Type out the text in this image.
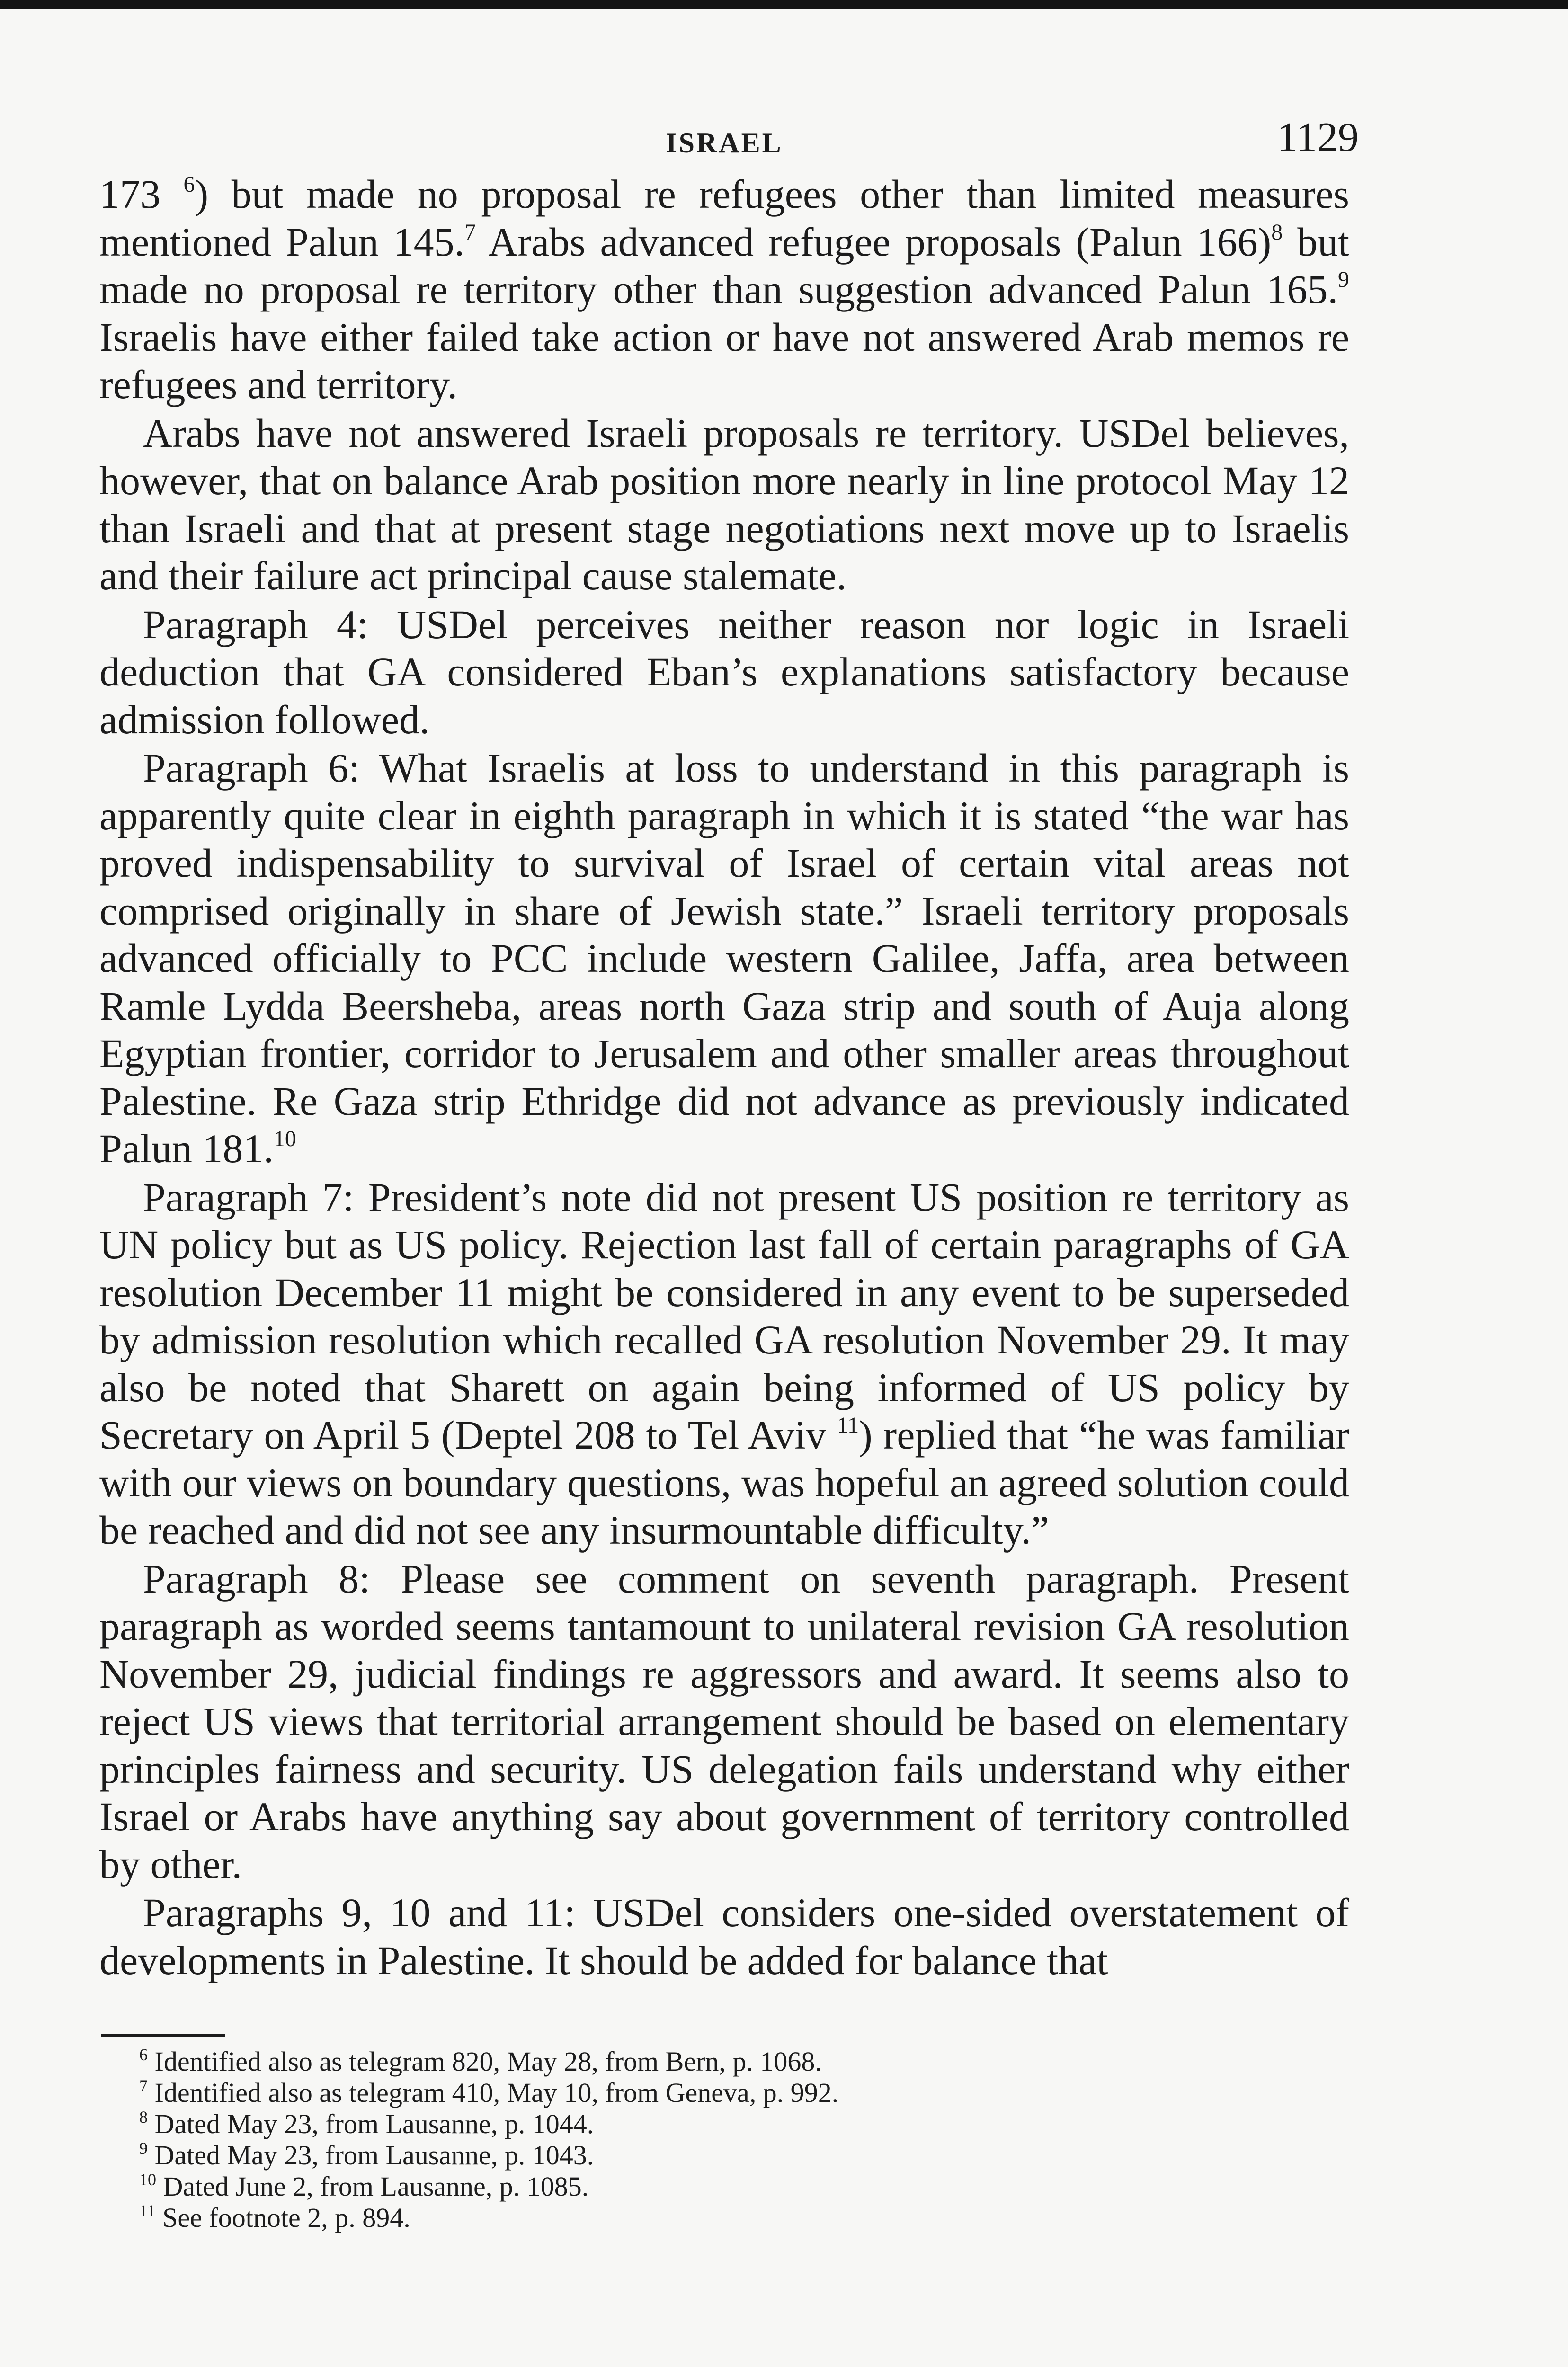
ISRAEL	1129

173 $^6$) but made no proposal re refugees other than limited measures mentioned Palun 145.$^7$ Arabs advanced refugee proposals (Palun 166)$^8$ but made no proposal re territory other than suggestion advanced Palun 165.$^9$ Israelis have either failed take action or have not answered Arab memos re refugees and territory.

Arabs have not answered Israeli proposals re territory. USDel believes, however, that on balance Arab position more nearly in line protocol May 12 than Israeli and that at present stage negotiations next move up to Israelis and their failure act principal cause stalemate.

Paragraph 4: USDel perceives neither reason nor logic in Israeli deduction that GA considered Eban’s explanations satisfactory because admission followed.

Paragraph 6: What Israelis at loss to understand in this paragraph is apparently quite clear in eighth paragraph in which it is stated “the war has proved indispensability to survival of Israel of certain vital areas not comprised originally in share of Jewish state.” Israeli territory proposals advanced officially to PCC include western Galilee, Jaffa, area between Ramle Lydda Beersheba, areas north Gaza strip and south of Auja along Egyptian frontier, corridor to Jerusalem and other smaller areas throughout Palestine. Re Gaza strip Ethridge did not advance as previously indicated Palun 181.10

Paragraph 7: President’s note did not present US position re territory as UN policy but as US policy. Rejection last fall of certain paragraphs of GA resolution December 11 might be considered in any event to be superseded by admission resolution which recalled GA resolution November 29. It may also be noted that Sharett on again being informed of US policy by Secretary on April 5 (Deptel 208 to Tel Aviv $^{11}$) replied that “he was familiar with our views on boundary questions, was hopeful an agreed solution could be reached and did not see any insurmountable difficulty.”

Paragraph 8: Please see comment on seventh paragraph. Present paragraph as worded seems tantamount to unilateral revision GA resolution November 29, judicial findings re aggressors and award. It seems also to reject US views that territorial arrangement should be based on elementary principles fairness and security. US delegation fails understand why either Israel or Arabs have anything say about government of territory controlled by other.

Paragraphs 9, 10 and 11: USDel considers one-sided overstatement of developments in Palestine. It should be added for balance that

$^6$ Identified also as telegram 820, May 28, from Bern, p. 1068.
$^7$ Identified also as telegram 410, May 10, from Geneva, p. 992.
$^8$ Dated May 23, from Lausanne, p. 1044.
$^9$ Dated May 23, from Lausanne, p. 1043.
$^{10}$ Dated June 2, from Lausanne, p. 1085.
$^{11}$ See footnote 2, p. 894.
